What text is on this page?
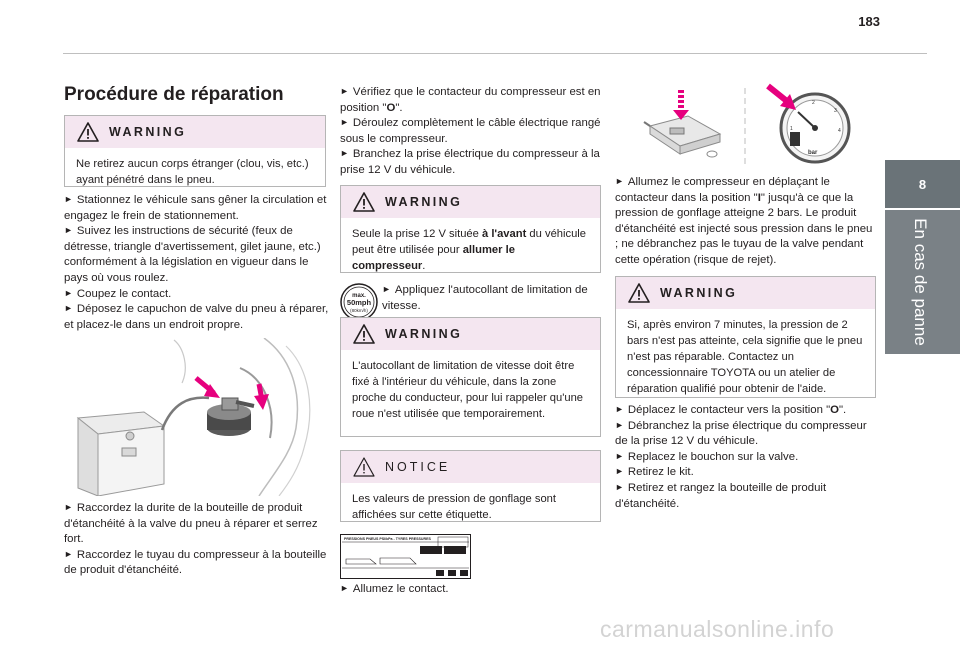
183
8
En cas de panne
Procédure de réparation
WARNING
Ne retirez aucun corps étranger (clou, vis, etc.) ayant pénétré dans le pneu.

► Stationnez le véhicule sans gêner la circulation et engagez le frein de stationnement.

► Suivez les instructions de sécurité (feux de détresse, triangle d'avertissement, gilet jaune, etc.) conformément à la législation en vigueur dans le pays où vous roulez.

► Coupez le contact.

► Déposez le capuchon de valve du pneu à réparer, et placez-le dans un endroit propre.

► Raccordez la durite de la bouteille de produit d'étanchéité à la valve du pneu à réparer et serrez fort.

► Raccordez le tuyau du compresseur à la bouteille de produit d'étanchéité.

► Vérifiez que le contacteur du compresseur est en position "O".

► Déroulez complètement le câble électrique rangé sous le compresseur.

► Branchez la prise électrique du compresseur à la prise 12 V du véhicule.

WARNING
Seule la prise 12 V située à l'avant du véhicule peut être utilisée pour allumer le compresseur.
max.
50mph
(80km/h)

► Appliquez l'autocollant de limitation de vitesse.

WARNING
L'autocollant de limitation de vitesse doit être fixé à l'intérieur du véhicule, dans la zone proche du conducteur, pour lui rappeler qu'une roue n'est utilisée que temporairement.
NOTICE
Les valeurs de pression de gonflage sont affichées sur cette étiquette.
PRESSIONS PNEUS PSI/kPa - TYRES PRESSURES

► Allumez le contact.

1
2
3
4
bar

► Allumez le compresseur en déplaçant le contacteur dans la position "I" jusqu'à ce que la pression de gonflage atteigne 2 bars. Le produit d'étanchéité est injecté sous pression dans le pneu ; ne débranchez pas le tuyau de la valve pendant cette opération (risque de rejet).

WARNING
Si, après environ 7 minutes, la pression de 2 bars n'est pas atteinte, cela signifie que le pneu n'est pas réparable. Contactez un concessionnaire TOYOTA ou un atelier de réparation qualifié pour obtenir de l'aide.

► Déplacez le contacteur vers la position "O".

► Débranchez la prise électrique du compresseur de la prise 12 V du véhicule.

► Replacez le bouchon sur la valve.

► Retirez le kit.

► Retirez et rangez la bouteille de produit d'étanchéité.

carmanualsonline.info
